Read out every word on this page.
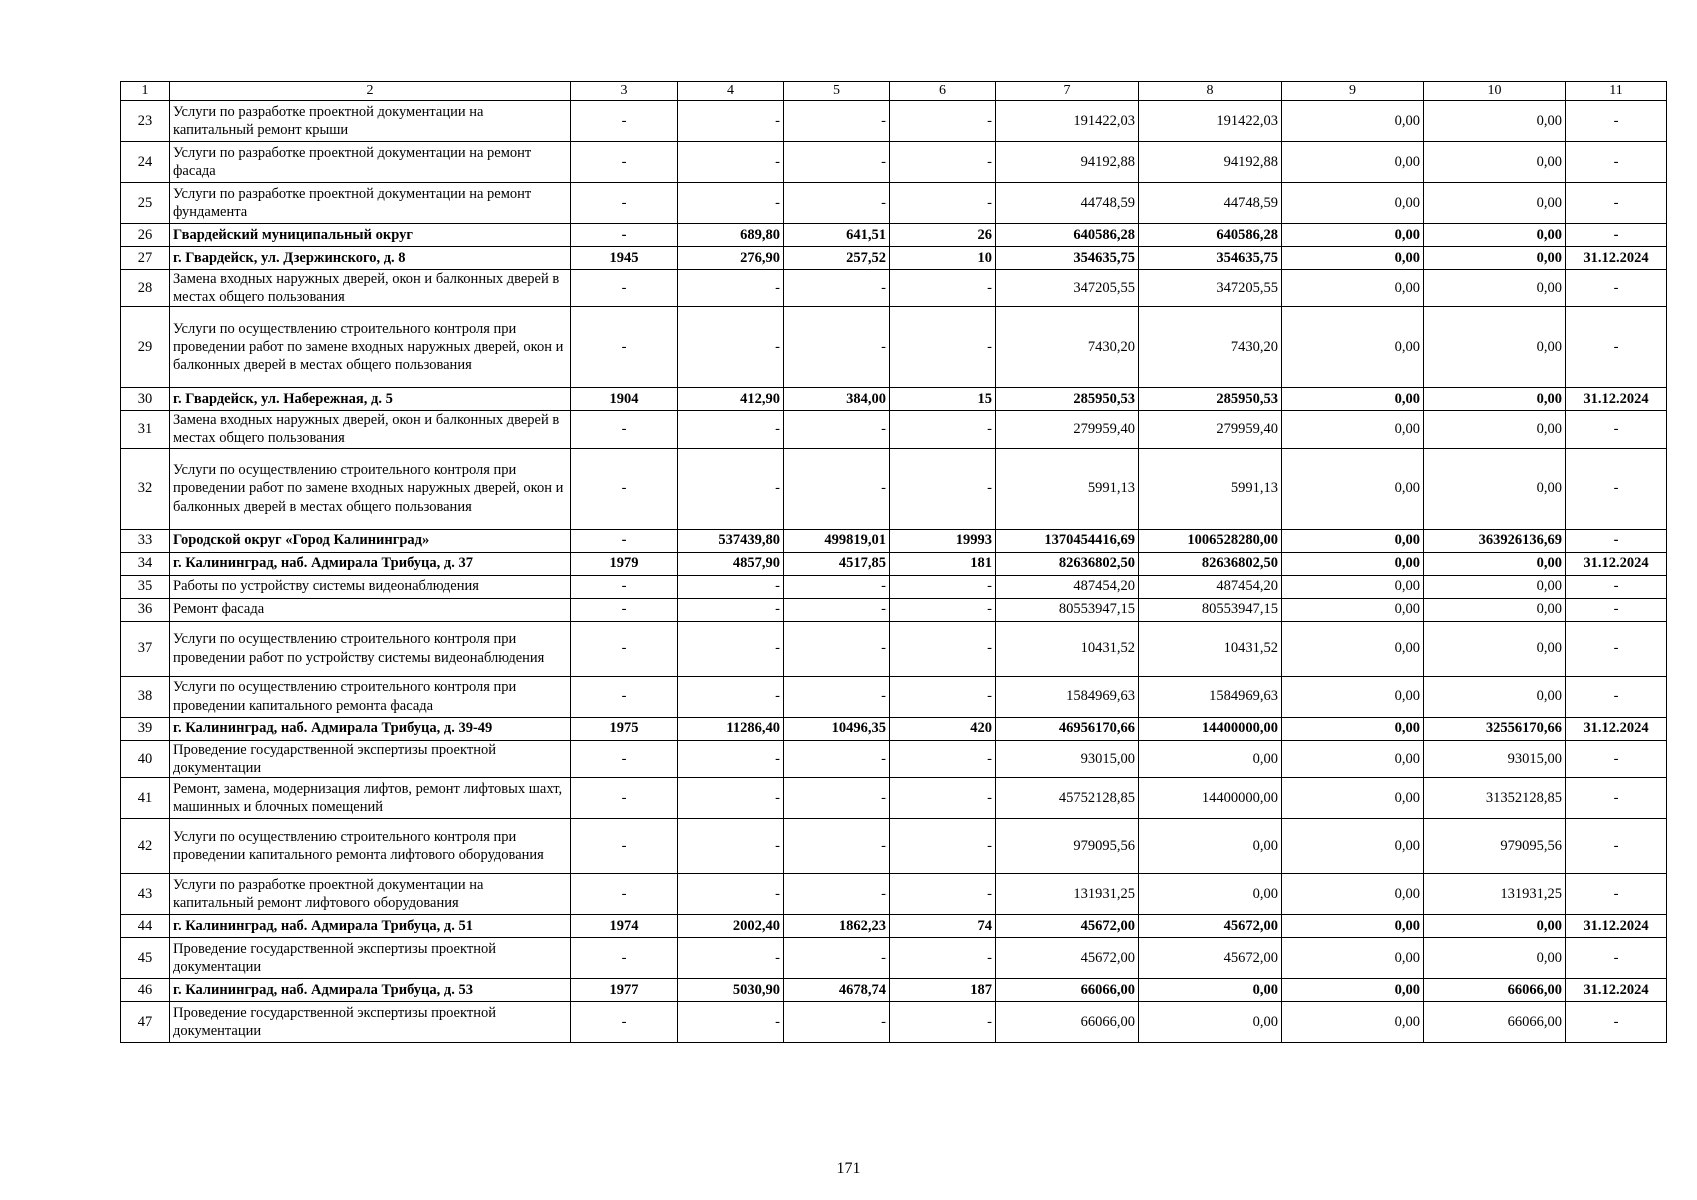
1	2	3	4	5	6	7	8	9	10	11
23	Услуги по разработке проектной документации на капитальный ремонт крыши	-	-	-	-	191422,03	191422,03	0,00	0,00	-
24	Услуги по разработке проектной документации на ремонт фасада	-	-	-	-	94192,88	94192,88	0,00	0,00	-
25	Услуги по разработке проектной документации на ремонт фундамента	-	-	-	-	44748,59	44748,59	0,00	0,00	-
26	Гвардейский муниципальный округ	-	689,80	641,51	26	640586,28	640586,28	0,00	0,00	-
27	г. Гвардейск, ул. Дзержинского, д. 8	1945	276,90	257,52	10	354635,75	354635,75	0,00	0,00	31.12.2024
28	Замена входных наружных дверей, окон и балконных дверей в местах общего пользования	-	-	-	-	347205,55	347205,55	0,00	0,00	-
29	Услуги по осуществлению строительного контроля при проведении работ по замене входных наружных дверей, окон и балконных дверей в местах общего пользования	-	-	-	-	7430,20	7430,20	0,00	0,00	-
30	г. Гвардейск, ул. Набережная, д. 5	1904	412,90	384,00	15	285950,53	285950,53	0,00	0,00	31.12.2024
31	Замена входных наружных дверей, окон и балконных дверей в местах общего пользования	-	-	-	-	279959,40	279959,40	0,00	0,00	-
32	Услуги по осуществлению строительного контроля при проведении работ по замене входных наружных дверей, окон и балконных дверей в местах общего пользования	-	-	-	-	5991,13	5991,13	0,00	0,00	-
33	Городской округ «Город Калининград»	-	537439,80	499819,01	19993	1370454416,69	1006528280,00	0,00	363926136,69	-
34	г. Калининград, наб. Адмирала Трибуца, д. 37	1979	4857,90	4517,85	181	82636802,50	82636802,50	0,00	0,00	31.12.2024
35	Работы по устройству системы видеонаблюдения	-	-	-	-	487454,20	487454,20	0,00	0,00	-
36	Ремонт фасада	-	-	-	-	80553947,15	80553947,15	0,00	0,00	-
37	Услуги по осуществлению строительного контроля при проведении работ по устройству системы видеонаблюдения	-	-	-	-	10431,52	10431,52	0,00	0,00	-
38	Услуги по осуществлению строительного контроля при проведении капитального ремонта фасада	-	-	-	-	1584969,63	1584969,63	0,00	0,00	-
39	г. Калининград, наб. Адмирала Трибуца, д. 39-49	1975	11286,40	10496,35	420	46956170,66	14400000,00	0,00	32556170,66	31.12.2024
40	Проведение государственной экспертизы проектной документации	-	-	-	-	93015,00	0,00	0,00	93015,00	-
41	Ремонт, замена, модернизация лифтов, ремонт лифтовых шахт, машинных и блочных помещений	-	-	-	-	45752128,85	14400000,00	0,00	31352128,85	-
42	Услуги по осуществлению строительного контроля при проведении капитального ремонта лифтового оборудования	-	-	-	-	979095,56	0,00	0,00	979095,56	-
43	Услуги по разработке проектной документации на капитальный ремонт лифтового оборудования	-	-	-	-	131931,25	0,00	0,00	131931,25	-
44	г. Калининград, наб. Адмирала Трибуца, д. 51	1974	2002,40	1862,23	74	45672,00	45672,00	0,00	0,00	31.12.2024
45	Проведение государственной экспертизы проектной документации	-	-	-	-	45672,00	45672,00	0,00	0,00	-
46	г. Калининград, наб. Адмирала Трибуца, д. 53	1977	5030,90	4678,74	187	66066,00	0,00	0,00	66066,00	31.12.2024
47	Проведение государственной экспертизы проектной документации	-	-	-	-	66066,00	0,00	0,00	66066,00	-
171
